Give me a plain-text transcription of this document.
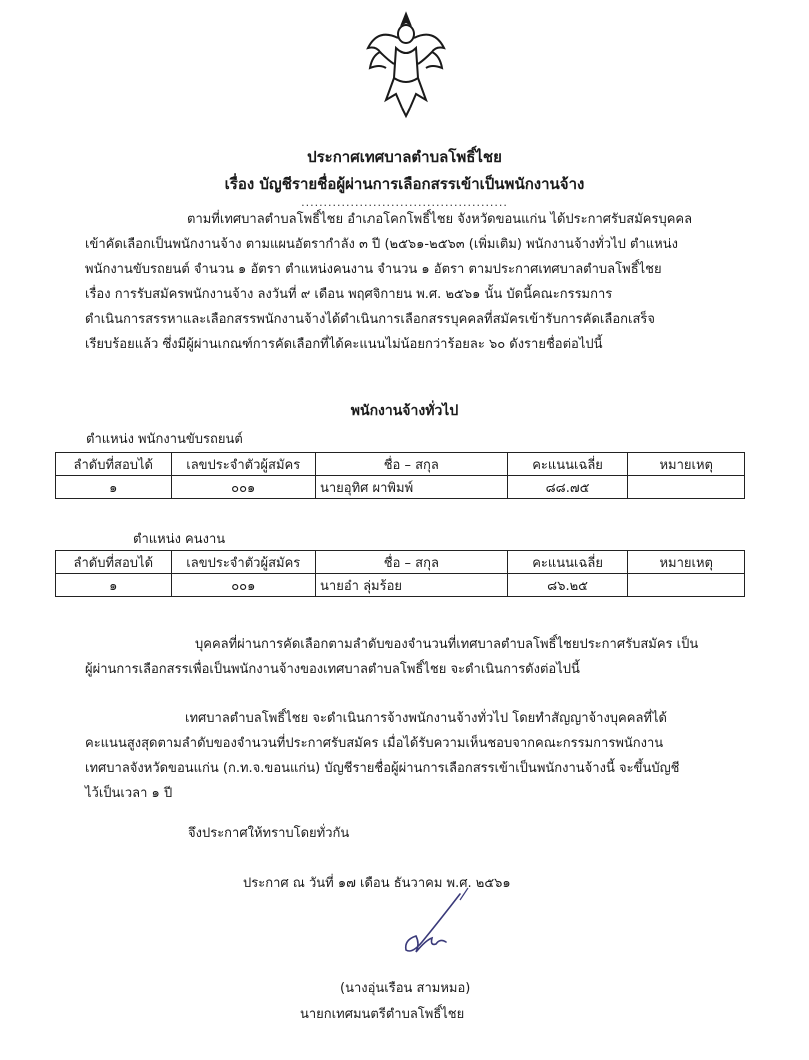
ประกาศเทศบาลตำบลโพธิ์ไชย
เรื่อง บัญชีรายชื่อผู้ผ่านการเลือกสรรเข้าเป็นพนักงานจ้าง
..............................................
ตามที่เทศบาลตำบลโพธิ์ไชย อำเภอโคกโพธิ์ไชย จังหวัดขอนแก่น ได้ประกาศรับสมัครบุคคล
เข้าคัดเลือกเป็นพนักงานจ้าง ตามแผนอัตรากำลัง ๓ ปี (๒๕๖๑-๒๕๖๓ (เพิ่มเติม) พนักงานจ้างทั่วไป ตำแหน่ง
พนักงานขับรถยนต์ จำนวน ๑ อัตรา ตำแหน่งคนงาน จำนวน ๑ อัตรา ตามประกาศเทศบาลตำบลโพธิ์ไชย
เรื่อง การรับสมัครพนักงานจ้าง ลงวันที่ ๙ เดือน พฤศจิกายน พ.ศ. ๒๕๖๑ นั้น บัดนี้คณะกรรมการ
ดำเนินการสรรหาและเลือกสรรพนักงานจ้างได้ดำเนินการเลือกสรรบุคคลที่สมัครเข้ารับการคัดเลือกเสร็จ
เรียบร้อยแล้ว ซึ่งมีผู้ผ่านเกณฑ์การคัดเลือกที่ได้คะแนนไม่น้อยกว่าร้อยละ ๖๐ ดังรายชื่อต่อไปนี้
พนักงานจ้างทั่วไป
ตำแหน่ง พนักงานขับรถยนต์
ลำดับที่สอบได้	เลขประจำตัวผู้สมัคร	ชื่อ – สกุล	คะแนนเฉลี่ย	หมายเหตุ
๑	๐๐๑	นายอุทิศ ผาพิมพ์	๘๘.๗๕	
ตำแหน่ง คนงาน
ลำดับที่สอบได้	เลขประจำตัวผู้สมัคร	ชื่อ – สกุล	คะแนนเฉลี่ย	หมายเหตุ
๑	๐๐๑	นายอ๋า ลุ่มร้อย	๘๖.๒๕	
บุคคลที่ผ่านการคัดเลือกตามลำดับของจำนวนที่เทศบาลตำบลโพธิ์ไชยประกาศรับสมัคร เป็น
ผู้ผ่านการเลือกสรรเพื่อเป็นพนักงานจ้างของเทศบาลตำบลโพธิ์ไชย จะดำเนินการดังต่อไปนี้
เทศบาลตำบลโพธิ์ไชย จะดำเนินการจ้างพนักงานจ้างทั่วไป โดยทำสัญญาจ้างบุคคลที่ได้
คะแนนสูงสุดตามลำดับของจำนวนที่ประกาศรับสมัคร เมื่อได้รับความเห็นชอบจากคณะกรรมการพนักงาน
เทศบาลจังหวัดขอนแก่น (ก.ท.จ.ขอนแก่น) บัญชีรายชื่อผู้ผ่านการเลือกสรรเข้าเป็นพนักงานจ้างนี้ จะขึ้นบัญชี
ไว้เป็นเวลา ๑ ปี
จึงประกาศให้ทราบโดยทั่วกัน
ประกาศ ณ วันที่ ๑๗ เดือน ธันวาคม พ.ศ. ๒๕๖๑
(นางอุ่นเรือน สามหมอ)
นายกเทศมนตรีตำบลโพธิ์ไชย
